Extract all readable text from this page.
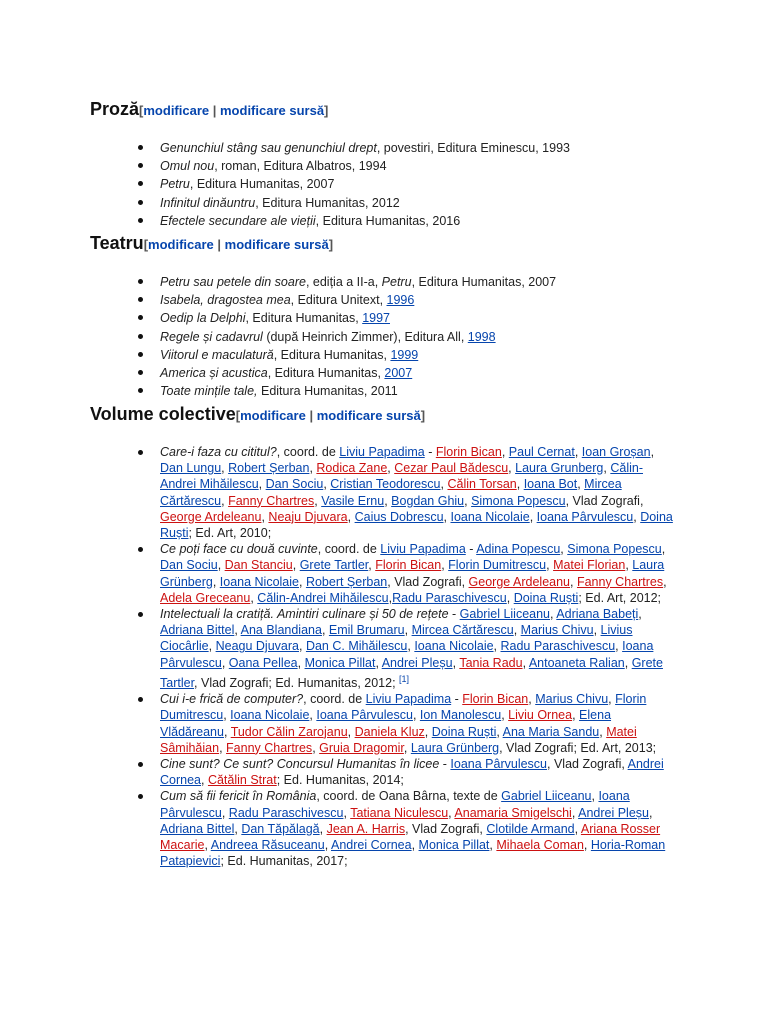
Proză[modificare | modificare sursă]
Genunchiul stâng sau genunchiul drept, povestiri, Editura Eminescu, 1993
Omul nou, roman, Editura Albatros, 1994
Petru, Editura Humanitas, 2007
Infinitul dinăuntru, Editura Humanitas, 2012
Efectele secundare ale vieții, Editura Humanitas, 2016
Teatru[modificare | modificare sursă]
Petru sau petele din soare, ediția a II-a, Petru, Editura Humanitas, 2007
Isabela, dragostea mea, Editura Unitext, 1996
Oedip la Delphi, Editura Humanitas, 1997
Regele și cadavrul (după Heinrich Zimmer), Editura All, 1998
Viitorul e maculatură, Editura Humanitas, 1999
America și acustica, Editura Humanitas, 2007
Toate mințile tale, Editura Humanitas, 2011
Volume colective[modificare | modificare sursă]
Care-i faza cu cititul?, coord. de Liviu Papadima - Florin Bican, Paul Cernat, Ioan Groșan, Dan Lungu, Robert Șerban, Rodica Zane, Cezar Paul Bădescu, Laura Grunberg, Călin-Andrei Mihăilescu, Dan Sociu, Cristian Teodorescu, Călin Torsan, Ioana Bot, Mircea Cărtărescu, Fanny Chartres, Vasile Ernu, Bogdan Ghiu, Simona Popescu, Vlad Zografi, George Ardeleanu, Neaju Djuvara, Caius Dobrescu, Ioana Nicolaie, Ioana Pârvulescu, Doina Ruști; Ed. Art, 2010;
Ce poți face cu două cuvinte, coord. de Liviu Papadima - Adina Popescu, Simona Popescu, Dan Sociu, Dan Stanciu, Grete Tartler, Florin Bican, Florin Dumitrescu, Matei Florian, Laura Grünberg, Ioana Nicolaie, Robert Șerban, Vlad Zografi, George Ardeleanu, Fanny Chartres, Adela Greceanu, Călin-Andrei Mihăilescu,Radu Paraschivescu, Doina Ruști; Ed. Art, 2012;
Intelectuali la cratiță. Amintiri culinare și 50 de rețete - Gabriel Liiceanu, Adriana Babeți, Adriana Bittel, Ana Blandiana, Emil Brumaru, Mircea Cărtărescu, Marius Chivu, Livius Ciocârlie, Neagu Djuvara, Dan C. Mihăilescu, Ioana Nicolaie, Radu Paraschivescu, Ioana Pârvulescu, Oana Pellea, Monica Pillat, Andrei Pleșu, Tania Radu, Antoaneta Ralian, Grete Tartler, Vlad Zografi; Ed. Humanitas, 2012; [1]
Cui i-e frică de computer?, coord. de Liviu Papadima - Florin Bican, Marius Chivu, Florin Dumitrescu, Ioana Nicolaie, Ioana Pârvulescu, Ion Manolescu, Liviu Ornea, Elena Vlădăreanu, Tudor Călin Zarojanu, Daniela Kluz, Doina Ruști, Ana Maria Sandu, Matei Sâmihăian, Fanny Chartres, Gruia Dragomir, Laura Grünberg, Vlad Zografi; Ed. Art, 2013;
Cine sunt? Ce sunt? Concursul Humanitas în licee - Ioana Pârvulescu, Vlad Zografi, Andrei Cornea, Cătălin Strat; Ed. Humanitas, 2014;
Cum să fii fericit în România, coord. de Oana Bârna, texte de Gabriel Liiceanu, Ioana Pârvulescu, Radu Paraschivescu, Tatiana Niculescu, Anamaria Smigelschi, Andrei Pleșu, Adriana Bittel, Dan Tăpălagă, Jean A. Harris, Vlad Zografi, Clotilde Armand, Ariana Rosser Macarie, Andreea Răsuceanu, Andrei Cornea, Monica Pillat, Mihaela Coman, Horia-Roman Patapievici; Ed. Humanitas, 2017;
